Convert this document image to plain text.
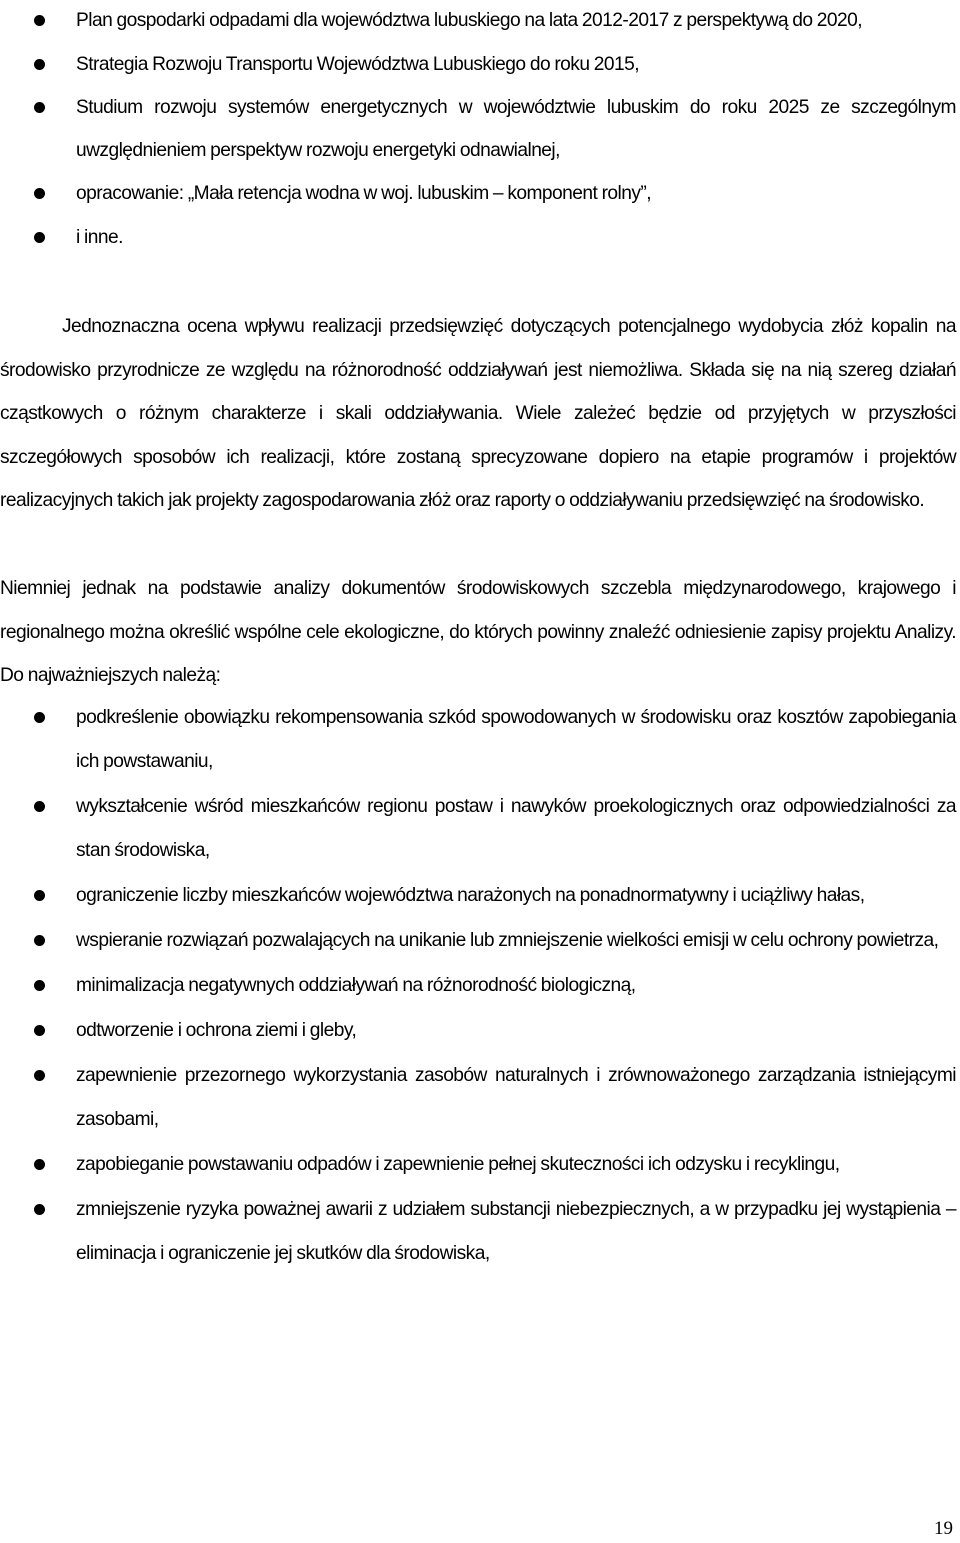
Plan gospodarki odpadami dla województwa lubuskiego na lata 2012-2017 z perspektywą do 2020,
Strategia Rozwoju Transportu Województwa Lubuskiego do roku 2015,
Studium rozwoju systemów energetycznych w województwie lubuskim do roku 2025 ze szczególnym uwzględnieniem perspektyw rozwoju energetyki odnawialnej,
opracowanie: „Mała retencja wodna w woj. lubuskim – komponent rolny”,
i inne.

Jednoznaczna ocena wpływu realizacji przedsięwzięć dotyczących potencjalnego wydobycia złóż kopalin na środowisko przyrodnicze ze względu na różnorodność oddziaływań jest niemożliwa. Składa się na nią szereg działań cząstkowych o różnym charakterze i skali oddziaływania. Wiele zależeć będzie od przyjętych w przyszłości szczegółowych sposobów ich realizacji, które zostaną sprecyzowane dopiero na etapie programów i projektów realizacyjnych takich jak projekty zagospodarowania złóż oraz raporty o oddziaływaniu przedsięwzięć na środowisko.

Niemniej jednak na podstawie analizy dokumentów środowiskowych szczebla międzynarodowego, krajowego i regionalnego można określić wspólne cele ekologiczne, do których powinny znaleźć odniesienie zapisy projektu Analizy. Do najważniejszych należą:

podkreślenie obowiązku rekompensowania szkód spowodowanych w środowisku oraz kosztów zapobiegania ich powstawaniu,
wykształcenie wśród mieszkańców regionu postaw i nawyków proekologicznych oraz odpowiedzialności za stan środowiska,
ograniczenie liczby mieszkańców województwa narażonych na ponadnormatywny i uciążliwy hałas,
wspieranie rozwiązań pozwalających na unikanie lub zmniejszenie wielkości emisji w celu ochrony powietrza,
minimalizacja negatywnych oddziaływań na różnorodność biologiczną,
odtworzenie i ochrona ziemi i gleby,
zapewnienie przezornego wykorzystania zasobów naturalnych i zrównoważonego zarządzania istniejącymi zasobami,
zapobieganie powstawaniu odpadów i zapewnienie pełnej skuteczności ich odzysku i recyklingu,
zmniejszenie ryzyka poważnej awarii z udziałem substancji niebezpiecznych, a w przypadku jej wystąpienia – eliminacja i ograniczenie jej skutków dla środowiska,
19
